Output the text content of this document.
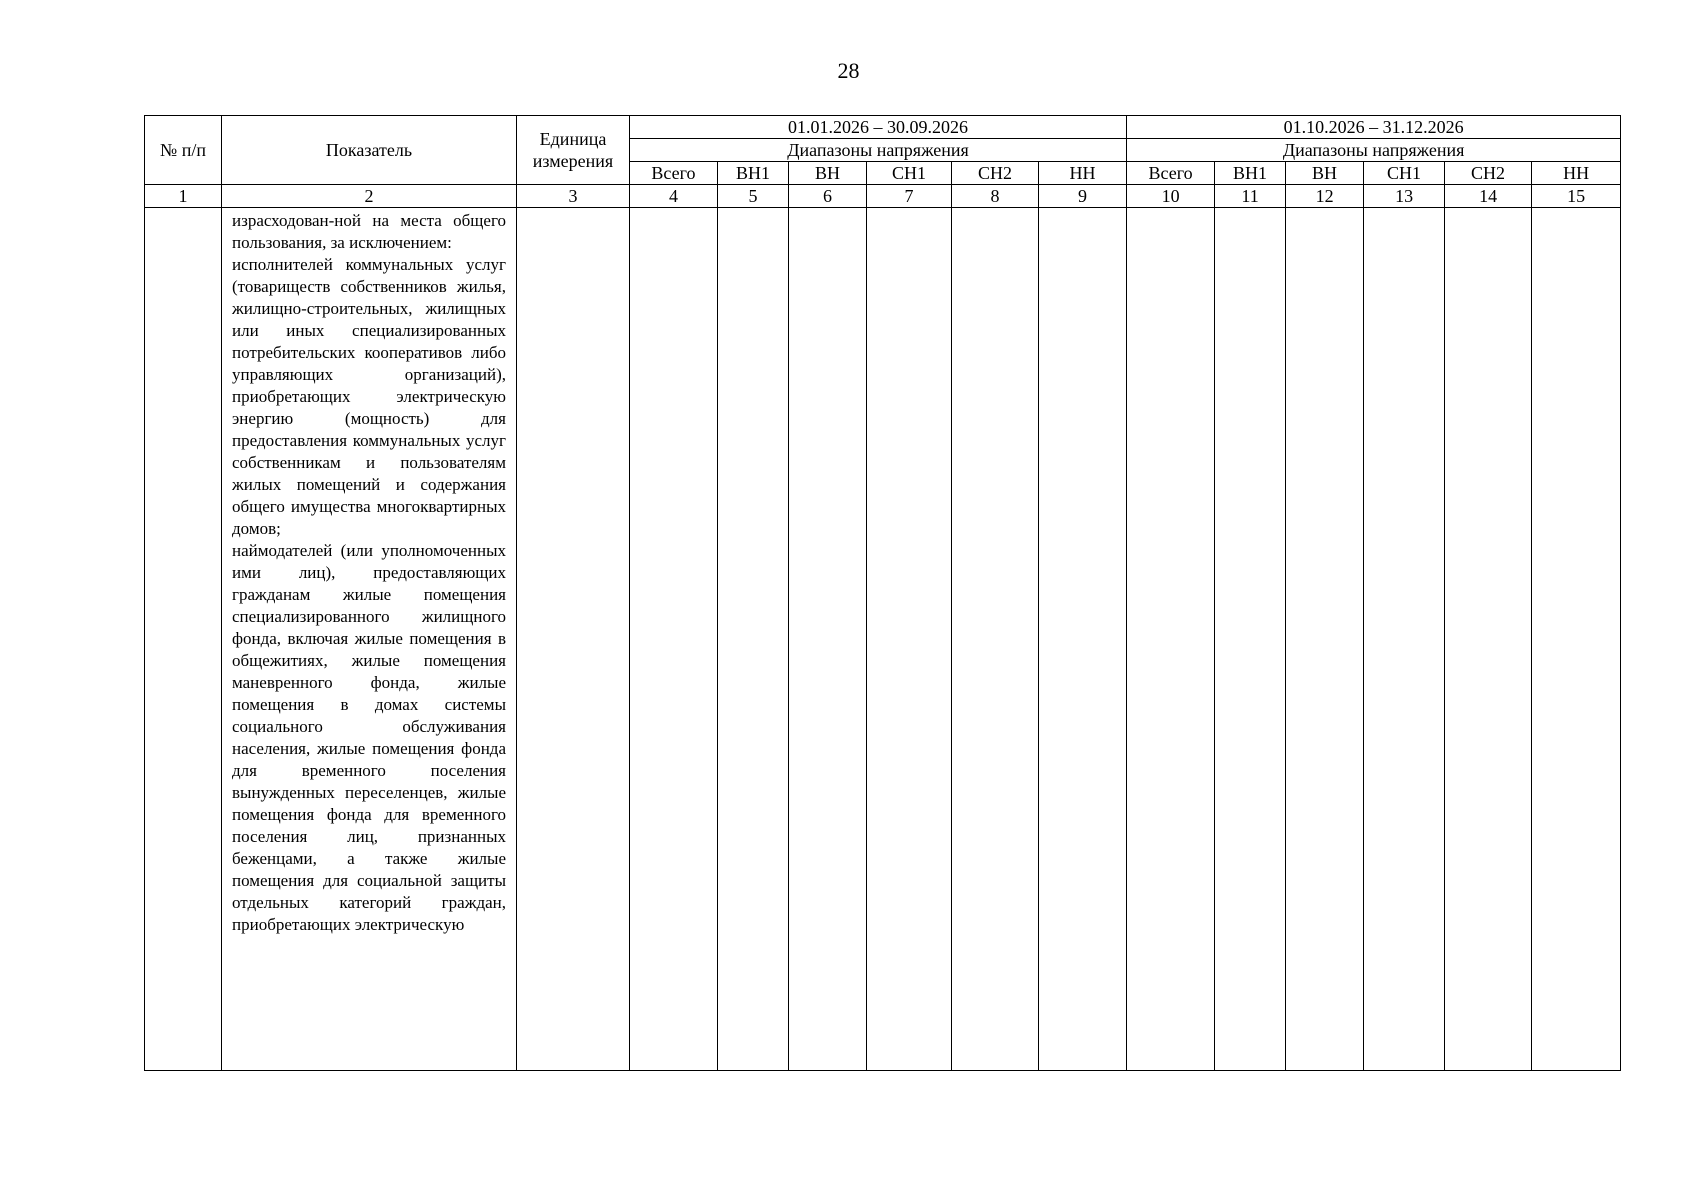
28
№ п/п	Показатель	Единица измерения	01.01.2026 – 30.09.2026						01.10.2026 – 31.12.2026					
			Диапазоны напряжения						Диапазоны напряжения					
			Всего	ВН1	ВН	СН1	СН2	НН	Всего	ВН1	ВН	СН1	СН2	НН
1	2	3	4	5	6	7	8	9	10	11	12	13	14	15
	израсходован-ной на места общего пользования, за исключением:
исполнителей коммунальных услуг (товариществ собственников жилья, жилищно-строительных, жилищных или иных специализированных потребительских кооперативов либо управляющих организаций), приобретающих электрическую энергию (мощность) для предоставления коммунальных услуг собственникам и пользователям жилых помещений и содержания общего имущества многоквартирных домов;
наймодателей (или уполномоченных ими лиц), предоставляющих гражданам жилые помещения специализированного жилищного фонда, включая жилые помещения в общежитиях, жилые помещения маневренного фонда, жилые помещения в домах системы социального обслуживания населения, жилые помещения фонда для временного поселения вынужденных переселенцев, жилые помещения фонда для временного поселения лиц, признанных беженцами, а также жилые помещения для социальной защиты отдельных категорий граждан, приобретающих электрическую													
